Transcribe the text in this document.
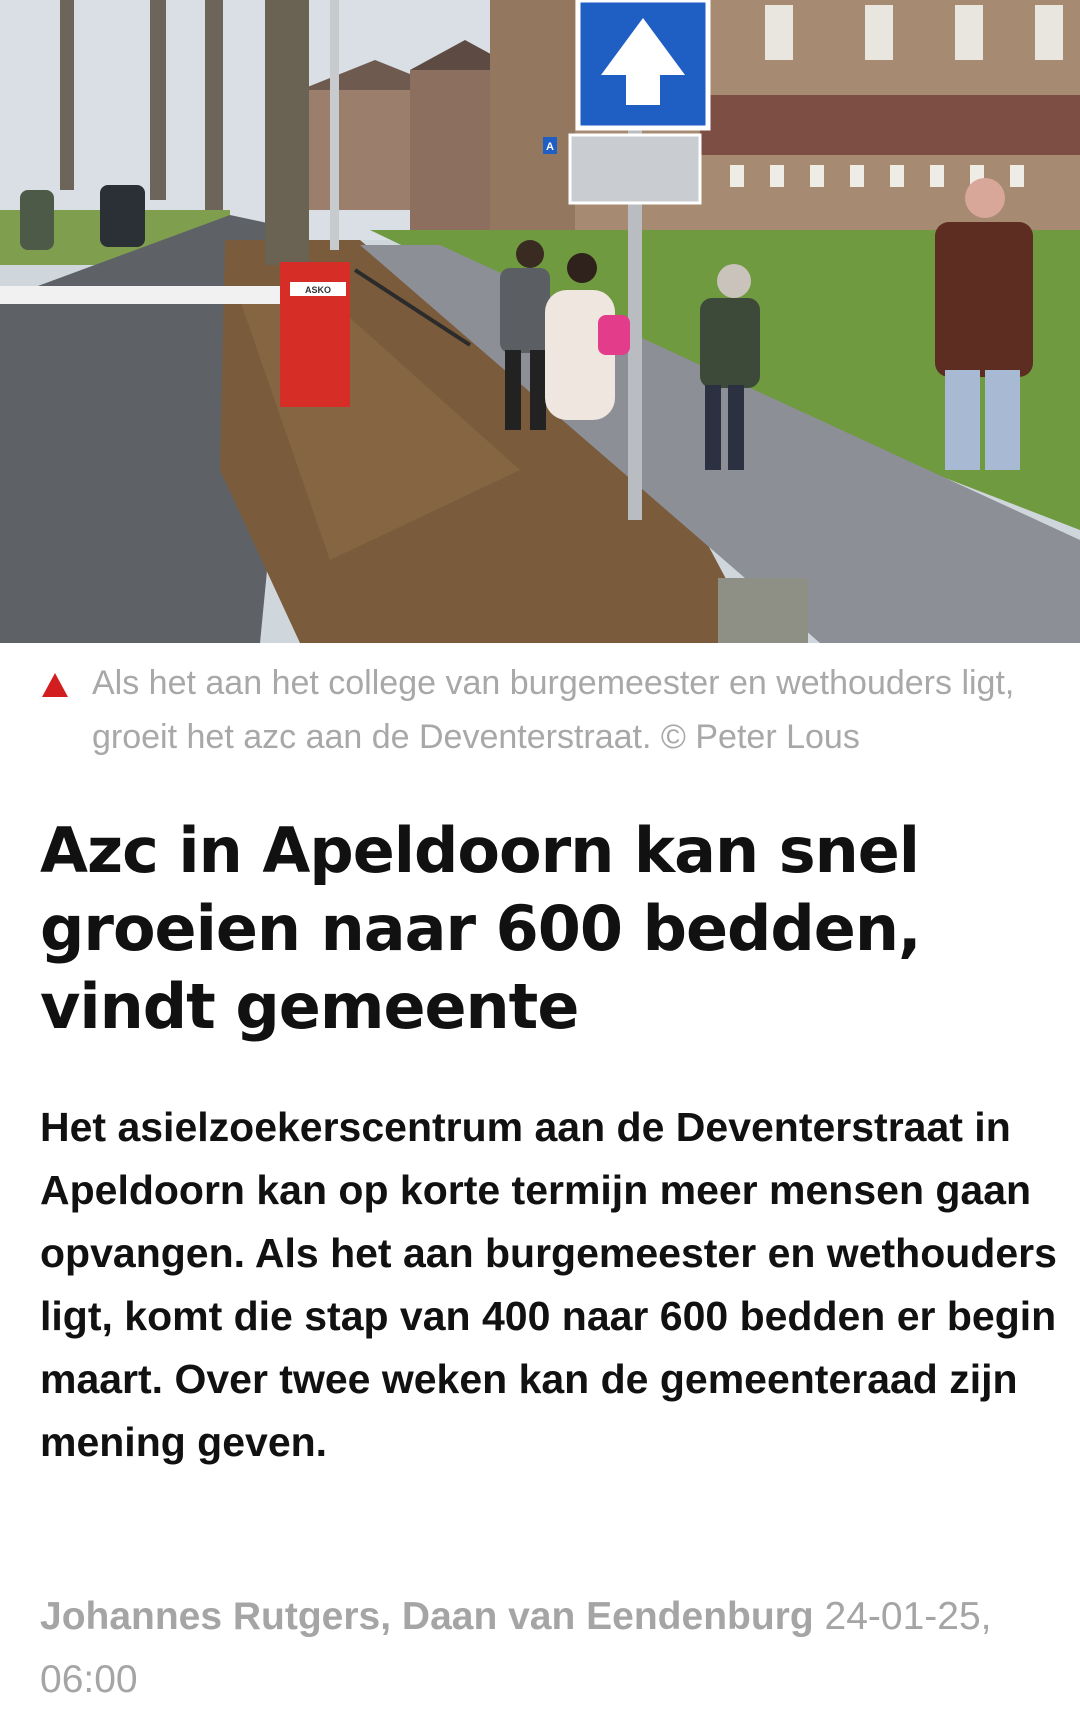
ASKO
A
Als het aan het college van burgemeester en wethouders ligt, groeit het azc aan de Deventerstraat. © Peter Lous
Azc in Apeldoorn kan snel groeien naar 600 bedden, vindt gemeente

Het asielzoekerscentrum aan de Deventerstraat in Apeldoorn kan op korte termijn meer mensen gaan opvangen. Als het aan burgemeester en wethouders ligt, komt die stap van 400 naar 600 bedden er begin maart. Over twee weken kan de gemeenteraad zijn mening geven.

Johannes Rutgers, Daan van Eendenburg 24-01-25, 06:00
